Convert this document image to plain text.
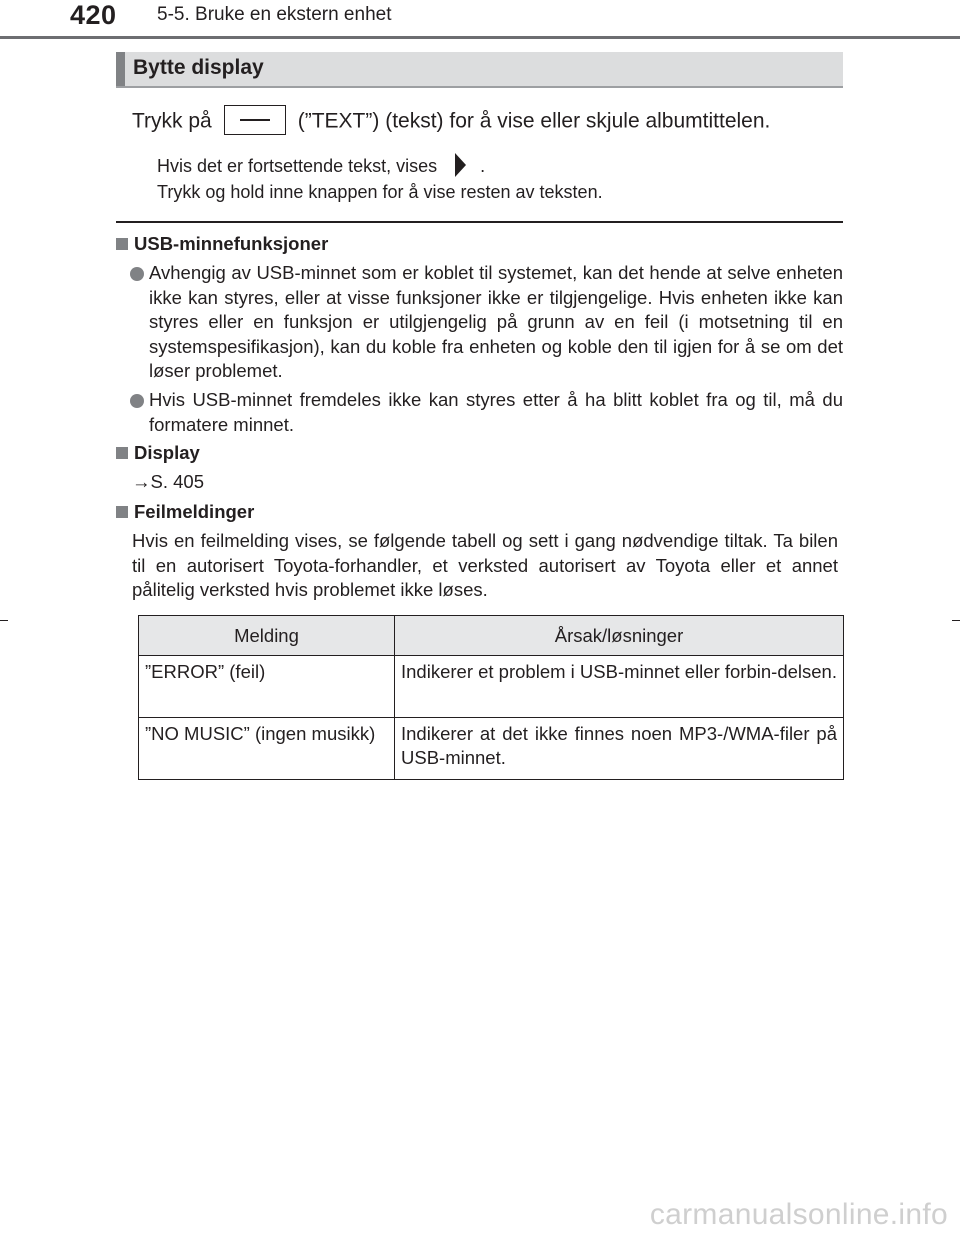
420 5-5. Bruke en ekstern enhet
Bytte display
Trykk på	(”TEXT”) (tekst) for å vise eller skjule albumtittelen.
Hvis det er fortsettende tekst, vises .
Trykk og hold inne knappen for å vise resten av teksten.
USB-minnefunksjoner

Avhengig av USB-minnet som er koblet til systemet, kan det hende at selve enheten ikke kan styres, eller at visse funksjoner ikke er tilgjengelige. Hvis enheten ikke kan styres eller en funksjon er utilgjengelig på grunn av en feil (i motsetning til en systemspesifikasjon), kan du koble fra enheten og koble den til igjen for å se om det løser problemet.

Hvis USB-minnet fremdeles ikke kan styres etter å ha blitt koblet fra og til, må du formatere minnet.

Display

→S. 405

Feilmeldinger

Hvis en feilmelding vises, se følgende tabell og sett i gang nødvendige tiltak. Ta bilen til en autorisert Toyota-forhandler, et verksted autorisert av Toyota eller et annet pålitelig verksted hvis problemet ikke løses.

Melding	Årsak/løsninger
”ERROR” (feil)	Indikerer et problem i USB-minnet eller forbin-delsen.
”NO MUSIC” (ingen musikk)	Indikerer at det ikke finnes noen MP3-/WMA-filer på USB-minnet.
carmanualsonline.info
